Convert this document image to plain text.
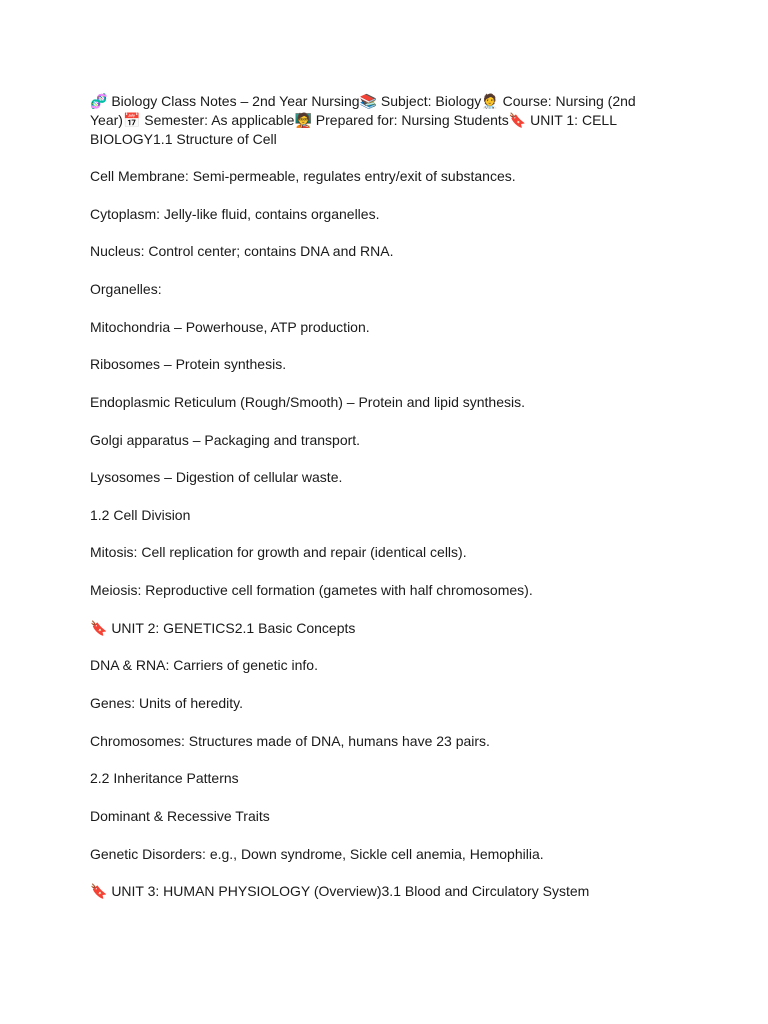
🧬 Biology Class Notes – 2nd Year Nursing📚 Subject: Biology🧑‍⚕️ Course: Nursing (2nd
Year)📅 Semester: As applicable🧑‍🏫 Prepared for: Nursing Students🔖 UNIT 1: CELL
BIOLOGY1.1 Structure of Cell
Cell Membrane: Semi-permeable, regulates entry/exit of substances.
Cytoplasm: Jelly-like fluid, contains organelles.
Nucleus: Control center; contains DNA and RNA.
Organelles:
Mitochondria – Powerhouse, ATP production.
Ribosomes – Protein synthesis.
Endoplasmic Reticulum (Rough/Smooth) – Protein and lipid synthesis.
Golgi apparatus – Packaging and transport.
Lysosomes – Digestion of cellular waste.
1.2 Cell Division
Mitosis: Cell replication for growth and repair (identical cells).
Meiosis: Reproductive cell formation (gametes with half chromosomes).
🔖 UNIT 2: GENETICS2.1 Basic Concepts
DNA & RNA: Carriers of genetic info.
Genes: Units of heredity.
Chromosomes: Structures made of DNA, humans have 23 pairs.
2.2 Inheritance Patterns
Dominant & Recessive Traits
Genetic Disorders: e.g., Down syndrome, Sickle cell anemia, Hemophilia.
🔖 UNIT 3: HUMAN PHYSIOLOGY (Overview)3.1 Blood and Circulatory System
